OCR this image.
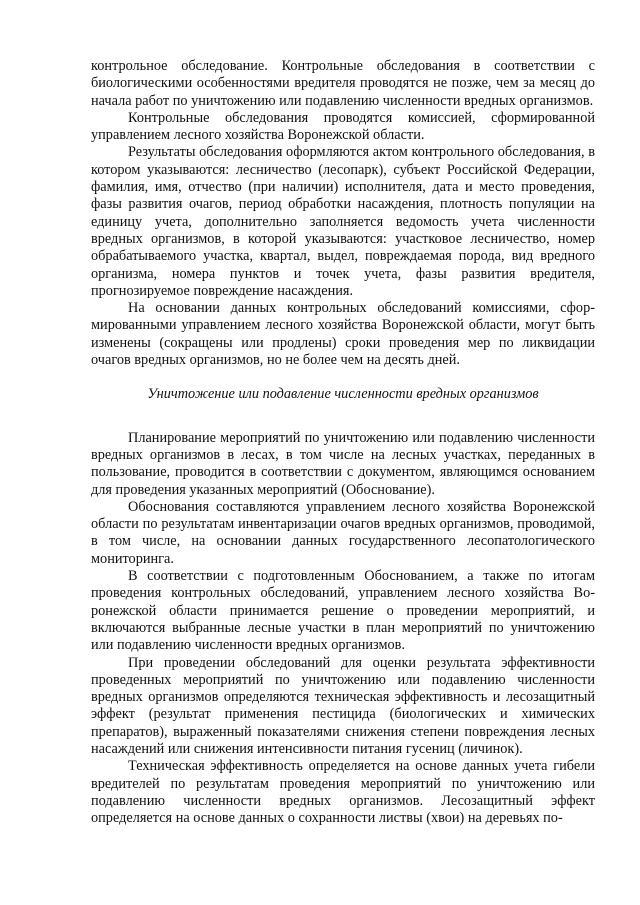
контрольное обследование. Контрольные обследования в соответствии с биологическими особенностями вредителя проводятся не позже, чем за месяц до начала работ по уничтожению или подавлению численности вредных организмов.

Контрольные обследования проводятся комиссией, сформированной управлением лесного хозяйства Воронежской области.

Результаты обследования оформляются актом контрольного обследования, в котором указываются: лесничество (лесопарк), субъект Российской Федерации, фамилия, имя, отчество (при наличии) исполнителя, дата и место проведения, фазы развития очагов, период обработки насаждения, плотность популяции на единицу учета, дополнительно заполняется ведомость учета численности вредных организмов, в которой указываются: участковое лесничество, номер обрабатываемого участка, квартал, выдел, повреждаемая порода, вид вредного организма, номера пунктов и точек учета, фазы развития вредителя, прогнозируемое повреждение насаждения.

На основании данных контрольных обследований комиссиями, сформированными управлением лесного хозяйства Воронежской области, могут быть изменены (сокращены или продлены) сроки проведения мер по ликвидации очагов вредных организмов, но не более чем на десять дней.

Уничтожение или подавление численности вредных организмов

Планирование мероприятий по уничтожению или подавлению численности вредных организмов в лесах, в том числе на лесных участках, переданных в пользование, проводится в соответствии с документом, являющимся основанием для проведения указанных мероприятий (Обоснование).

Обоснования составляются управлением лесного хозяйства Воронежской области по результатам инвентаризации очагов вредных организмов, проводимой, в том числе, на основании данных государственного лесопатологического мониторинга.

В соответствии с подготовленным Обоснованием, а также по итогам проведения контрольных обследований, управлением лесного хозяйства Воронежской области принимается решение о проведении мероприятий, и включаются выбранные лесные участки в план мероприятий по уничтожению или подавлению численности вредных организмов.

При проведении обследований для оценки результата эффективности проведенных мероприятий по уничтожению или подавлению численности вредных организмов определяются техническая эффективность и лесозащитный эффект (результат применения пестицида (биологических и химических препаратов), выраженный показателями снижения степени повреждения лесных насаждений или снижения интенсивности питания гусениц (личинок).

Техническая эффективность определяется на основе данных учета гибели вредителей по результатам проведения мероприятий по уничтожению или подавлению численности вредных организмов. Лесозащитный эффект определяется на основе данных о сохранности листвы (хвои) на деревьях по-
